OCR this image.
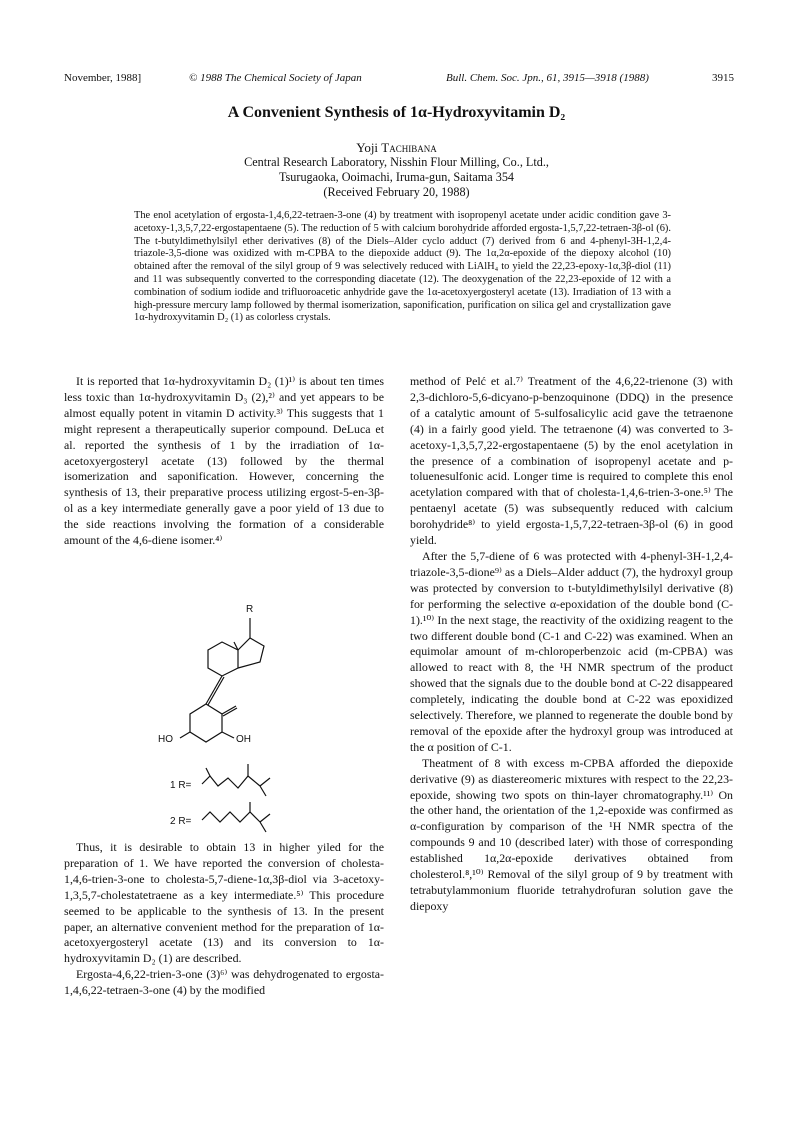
November, 1988]	© 1988 The Chemical Society of Japan	Bull. Chem. Soc. Jpn., 61, 3915—3918 (1988)	3915
A Convenient Synthesis of 1α-Hydroxyvitamin D₂
Yoji Tachibana
Central Research Laboratory, Nisshin Flour Milling, Co., Ltd.,
Tsurugaoka, Ooimachi, Iruma-gun, Saitama 354
(Received February 20, 1988)
The enol acetylation of ergosta-1,4,6,22-tetraen-3-one (4) by treatment with isopropenyl acetate under acidic condition gave 3-acetoxy-1,3,5,7,22-ergostapentaene (5). The reduction of 5 with calcium borohydride afforded ergosta-1,5,7,22-tetraen-3β-ol (6). The t-butyldimethylsilyl ether derivatives (8) of the Diels–Alder cyclo adduct (7) derived from 6 and 4-phenyl-3H-1,2,4-triazole-3,5-dione was oxidized with m-CPBA to the diepoxide adduct (9). The 1α,2α-epoxide of the diepoxy alcohol (10) obtained after the removal of the silyl group of 9 was selectively reduced with LiAlH₄ to yield the 22,23-epoxy-1α,3β-diol (11) and 11 was subsequently converted to the corresponding diacetate (12). The deoxygenation of the 22,23-epoxide of 12 with a combination of sodium iodide and trifluoroacetic anhydride gave the 1α-acetoxyergosteryl acetate (13). Irradiation of 13 with a high-pressure mercury lamp followed by thermal isomerization, saponification, purification on silica gel and crystallization gave 1α-hydroxyvitamin D₂ (1) as colorless crystals.

It is reported that 1α-hydroxyvitamin D₂ (1)¹⁾ is about ten times less toxic than 1α-hydroxyvitamin D₃ (2),²⁾ and yet appears to be almost equally potent in vitamin D activity.³⁾ This suggests that 1 might represent a therapeutically superior compound. DeLuca et al. reported the synthesis of 1 by the irradiation of 1α-acetoxyergosteryl acetate (13) followed by the thermal isomerization and saponification. However, concerning the synthesis of 13, their preparative process utilizing ergost-5-en-3β-ol as a key intermediate generally gave a poor yield of 13 due to the side reactions involving the formation of a considerable amount of the 4,6-diene isomer.⁴⁾

R
HO	OH
1 R=
2 R=

Thus, it is desirable to obtain 13 in higher yiled for the preparation of 1. We have reported the conversion of cholesta-1,4,6-trien-3-one to cholesta-5,7-diene-1α,3β-diol via 3-acetoxy-1,3,5,7-cholestatetraene as a key intermediate.⁵⁾ This procedure seemed to be applicable to the synthesis of 13. In the present paper, an alternative convenient method for the preparation of 1α-acetoxyergosteryl acetate (13) and its conversion to 1α-hydroxyvitamin D₂ (1) are described.

Ergosta-4,6,22-trien-3-one (3)⁶⁾ was dehydrogenated to ergosta-1,4,6,22-tetraen-3-one (4) by the modified

method of Pelć et al.⁷⁾ Treatment of the 4,6,22-trienone (3) with 2,3-dichloro-5,6-dicyano-p-benzoquinone (DDQ) in the presence of a catalytic amount of 5-sulfosalicylic acid gave the tetraenone (4) in a fairly good yield. The tetraenone (4) was converted to 3-acetoxy-1,3,5,7,22-ergostapentaene (5) by the enol acetylation in the presence of a combination of isopropenyl acetate and p-toluenesulfonic acid. Longer time is required to complete this enol acetylation compared with that of cholesta-1,4,6-trien-3-one.⁵⁾ The pentaenyl acetate (5) was subsequently reduced with calcium borohydride⁸⁾ to yield ergosta-1,5,7,22-tetraen-3β-ol (6) in good yield.

After the 5,7-diene of 6 was protected with 4-phenyl-3H-1,2,4-triazole-3,5-dione⁹⁾ as a Diels–Alder adduct (7), the hydroxyl group was protected by conversion to t-butyldimethylsilyl derivative (8) for performing the selective α-epoxidation of the double bond (C-1).¹⁰⁾ In the next stage, the reactivity of the oxidizing reagent to the two different double bond (C-1 and C-22) was examined. When an equimolar amount of m-chloroperbenzoic acid (m-CPBA) was allowed to react with 8, the ¹H NMR spectrum of the product showed that the signals due to the double bond at C-22 disappeared completely, indicating the double bond at C-22 was epoxidized selectively. Therefore, we planned to regenerate the double bond by removal of the epoxide after the hydroxyl group was introduced at the α position of C-1.

Theatment of 8 with excess m-CPBA afforded the diepoxide derivative (9) as diastereomeric mixtures with respect to the 22,23-epoxide, showing two spots on thin-layer chromatography.¹¹⁾ On the other hand, the orientation of the 1,2-epoxide was confirmed as α-configuration by comparison of the ¹H NMR spectra of the compounds 9 and 10 (described later) with those of corresponding established 1α,2α-epoxide derivatives obtained from cholesterol.⁸,¹⁰⁾ Removal of the silyl group of 9 by treatment with tetrabutylammonium fluoride tetrahydrofuran solution gave the diepoxy
